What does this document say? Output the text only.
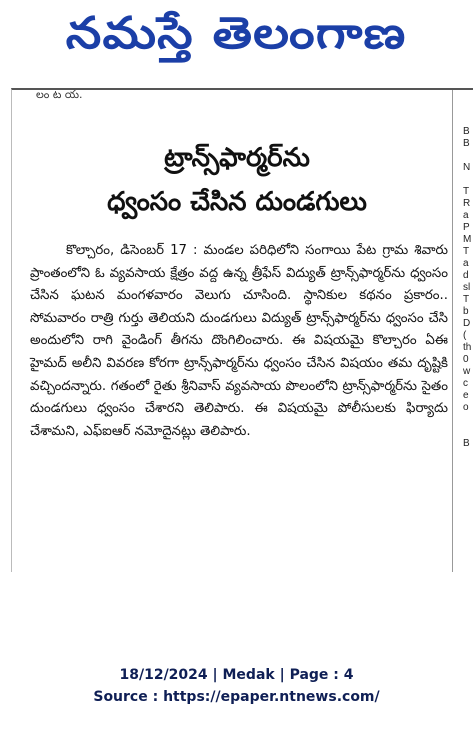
నమస్తే తెలంగాణ
లం ట య.
ట్రాన్స్‌ఫార్మర్‌ను
ధ్వంసం చేసిన దుండగులు

కొల్చారం, డిసెంబర్ 17 : మండల పరిధిలోని సంగాయి పేట గ్రామ శివారు ప్రాంతంలోని ఓ వ్యవసాయ క్షేత్రం వద్ద ఉన్న త్రీఫేస్ విద్యుత్ ట్రాన్స్‌ఫార్మర్‌ను ధ్వంసం చేసిన ఘటన మంగళవారం వెలుగు చూసింది. స్థానికుల కథనం ప్రకారం.. సోమవారం రాత్రి గుర్తు తెలియని దుండగులు విద్యుత్ ట్రాన్స్‌ఫార్మర్‌ను ధ్వంసం చేసి అందులోని రాగి వైండింగ్ తీగను దొంగిలించారు. ఈ విషయమై కొల్చారం ఏఈ హైమద్ అలీని వివరణ కోరగా ట్రాన్స్‌ఫార్మర్‌ను ధ్వంసం చేసిన విషయం తమ దృష్టికి వచ్చిందన్నారు. గతంలో రైతు శ్రీనివాస్ వ్యవసాయ పొలంలోని ట్రాన్స్‌ఫార్మర్‌ను సైతం దుండగులు ధ్వంసం చేశారని తెలిపారు. ఈ విషయమై పోలీసులకు ఫిర్యాదు చేశామని, ఎఫ్ఐఆర్ నమోదైనట్లు తెలిపారు.

B
B
N
T
R
a
P
M
T
a
d
sl
T
b
D
(
th
0
w
c
e
o
B
18/12/2024 | Medak | Page : 4
Source : https://epaper.ntnews.com/
